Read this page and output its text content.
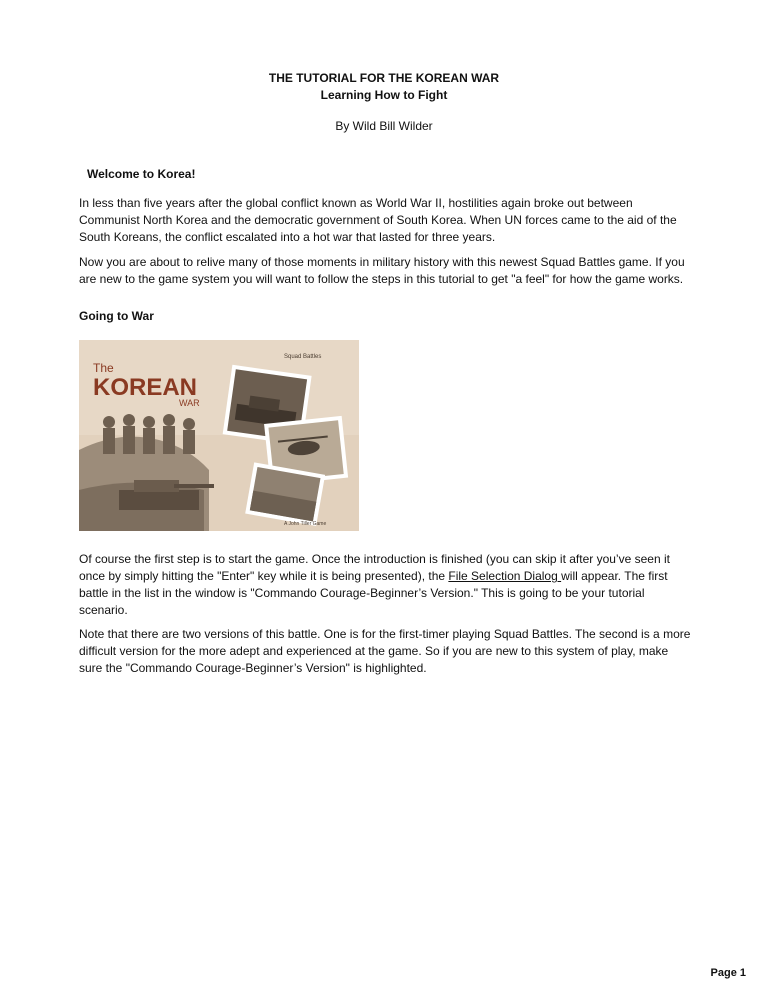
THE TUTORIAL FOR THE KOREAN WAR
Learning How to Fight
By Wild Bill Wilder
Welcome to Korea!

In less than five years after the global conflict known as World War II, hostilities again broke out between Communist North Korea and the democratic government of South Korea. When UN forces came to the aid of the South Koreans, the conflict escalated into a hot war that lasted for three years.

Now you are about to relive many of those moments in military history with this newest Squad Battles game. If you are new to the game system you will want to follow the steps in this tutorial to get "a feel" for how the game works.

Going to War
The
KOREAN
WAR
Squad Battles
A John Tiller Game

Of course the first step is to start the game. Once the introduction is finished (you can skip it after you’ve seen it once by simply hitting the "Enter" key while it is being presented), the File Selection Dialog will appear. The first battle in the list in the window is "Commando Courage-Beginner’s Version." This is going to be your tutorial scenario.

Note that there are two versions of this battle. One is for the first-timer playing Squad Battles. The second is a more difficult version for the more adept and experienced at the game. So if you are new to this system of play, make sure the "Commando Courage-Beginner’s Version" is highlighted.

Page 1
